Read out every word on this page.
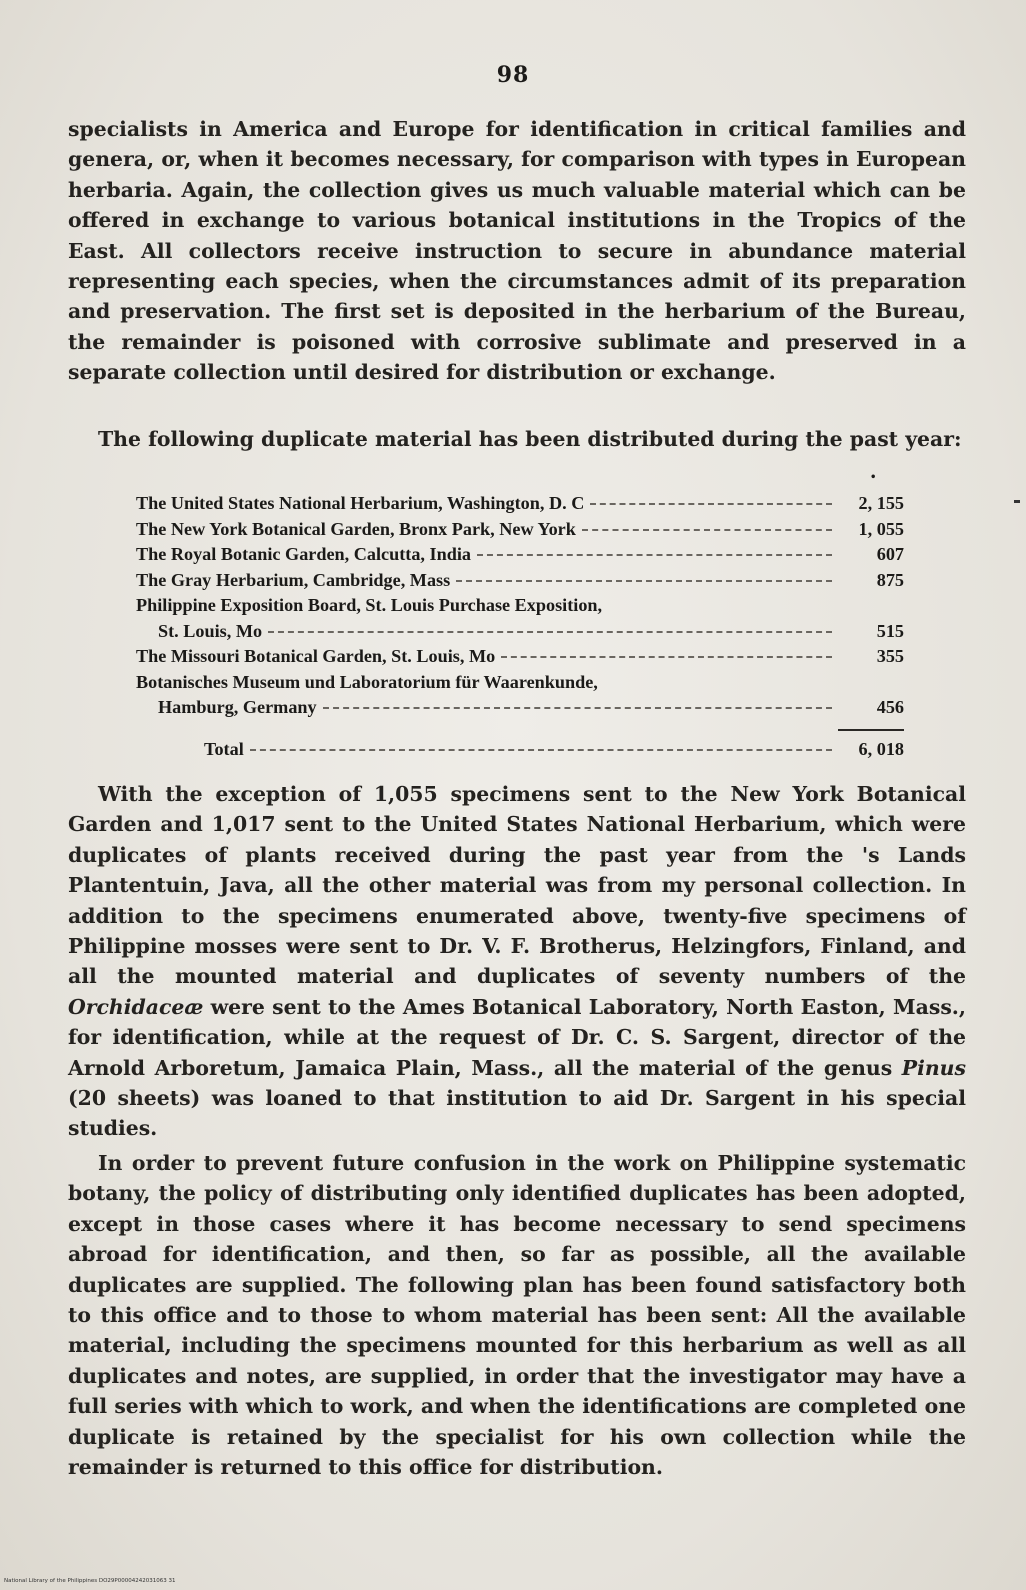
98

specialists in America and Europe for identification in critical families and genera, or, when it becomes necessary, for comparison with types in European herbaria. Again, the collection gives us much valuable material which can be offered in exchange to various botanical institutions in the Tropics of the East. All collectors receive instruction to secure in abundance material representing each species, when the circumstances admit of its preparation and preservation. The first set is deposited in the herbarium of the Bureau, the remainder is poisoned with corrosive sublimate and preserved in a separate collection until desired for distribution or exchange.

The following duplicate material has been distributed during the past year:

•
The United States National Herbarium, Washington, D. C	2, 155
The New York Botanical Garden, Bronx Park, New York	1, 055
The Royal Botanic Garden, Calcutta, India	607
The Gray Herbarium, Cambridge, Mass	875
Philippine Exposition Board, St. Louis Purchase Exposition,
St. Louis, Mo	515
The Missouri Botanical Garden, St. Louis, Mo	355
Botanisches Museum und Laboratorium für Waarenkunde,
Hamburg, Germany	456
Total	6, 018

With the exception of 1,055 specimens sent to the New York Botanical Garden and 1,017 sent to the United States National Herbarium, which were duplicates of plants received during the past year from the 's Lands Plantentuin, Java, all the other material was from my personal collection. In addition to the specimens enumerated above, twenty-five specimens of Philippine mosses were sent to Dr. V. F. Brotherus, Helzingfors, Finland, and all the mounted material and duplicates of seventy numbers of the Orchidaceæ were sent to the Ames Botanical Laboratory, North Easton, Mass., for identification, while at the request of Dr. C. S. Sargent, director of the Arnold Arboretum, Jamaica Plain, Mass., all the material of the genus Pinus (20 sheets) was loaned to that institution to aid Dr. Sargent in his special studies.

In order to prevent future confusion in the work on Philippine systematic botany, the policy of distributing only identified duplicates has been adopted, except in those cases where it has become necessary to send specimens abroad for identification, and then, so far as possible, all the available duplicates are supplied. The following plan has been found satisfactory both to this office and to those to whom material has been sent: All the available material, including the specimens mounted for this herbarium as well as all duplicates and notes, are supplied, in order that the investigator may have a full series with which to work, and when the identifications are completed one duplicate is retained by the specialist for his own collection while the remainder is returned to this office for distribution.

National Library of the Philippines DO29P00004242031063 31
